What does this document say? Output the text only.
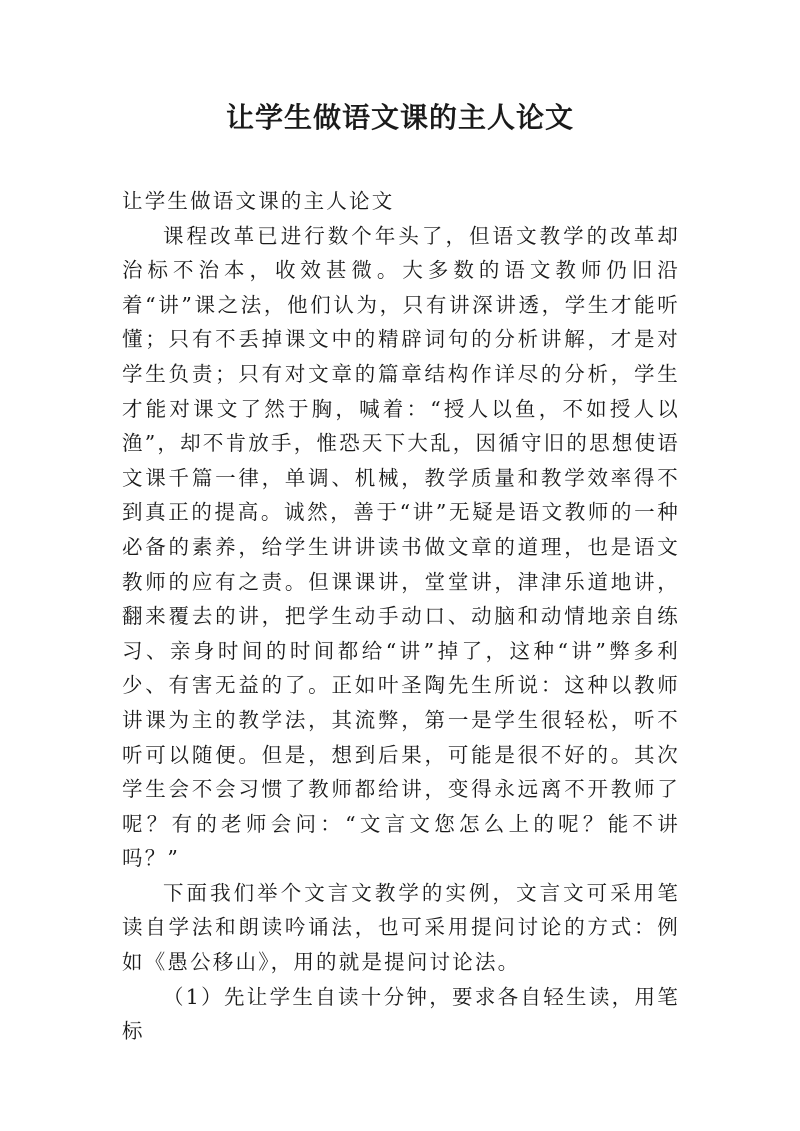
让学生做语文课的主人论文

让学生做语文课的主人论文

课程改革已进行数个年头了，但语文教学的改革却治标不治本，收效甚微。大多数的语文教师仍旧沿着“讲”课之法，他们认为，只有讲深讲透，学生才能听懂；只有不丢掉课文中的精辟词句的分析讲解，才是对学生负责；只有对文章的篇章结构作详尽的分析，学生才能对课文了然于胸，喊着：“授人以鱼，不如授人以渔”，却不肯放手，惟恐天下大乱，因循守旧的思想使语文课千篇一律，单调、机械，教学质量和教学效率得不到真正的提高。诚然，善于“讲”无疑是语文教师的一种必备的素养，给学生讲讲读书做文章的道理，也是语文教师的应有之责。但课课讲，堂堂讲，津津乐道地讲，翻来覆去的讲，把学生动手动口、动脑和动情地亲自练习、亲身时间的时间都给“讲”掉了，这种“讲”弊多利少、有害无益的了。正如叶圣陶先生所说：这种以教师讲课为主的教学法，其流弊，第一是学生很轻松，听不听可以随便。但是，想到后果，可能是很不好的。其次学生会不会习惯了教师都给讲，变得永远离不开教师了呢？有的老师会问：“文言文您怎么上的呢？能不讲吗？”

下面我们举个文言文教学的实例，文言文可采用笔读自学法和朗读吟诵法，也可采用提问讨论的方式：例如《愚公移山》，用的就是提问讨论法。

（1）先让学生自读十分钟，要求各自轻生读，用笔标
